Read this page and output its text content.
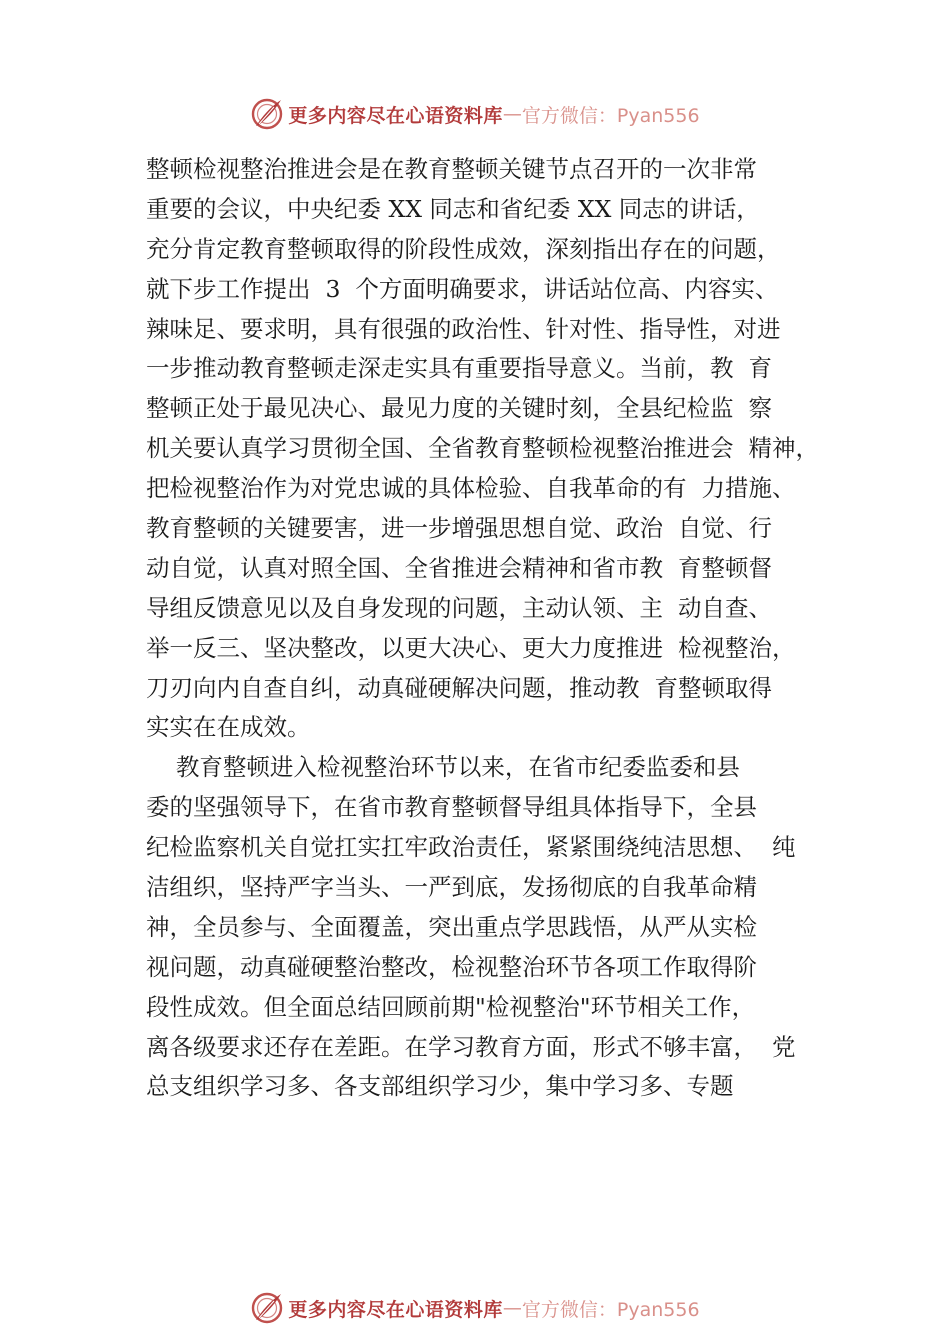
更多内容尽在心语资料库 — 官方微信：Pyan556
整顿检视整治推进会是在教育整顿关键节点召开的一次非常
重要的会议，中央纪委 XX 同志和省纪委 XX 同志的讲话，
充分肯定教育整顿取得的阶段性成效，深刻指出存在的问题，
就下步工作提出  3  个方面明确要求，讲话站位高、内容实、
辣味足、要求明，具有很强的政治性、针对性、指导性，对进
一步推动教育整顿走深走实具有重要指导意义。当前，教  育
整顿正处于最见决心、最见力度的关键时刻，全县纪检监  察
机关要认真学习贯彻全国、全省教育整顿检视整治推进会  精神，
把检视整治作为对党忠诚的具体检验、自我革命的有  力措施、
教育整顿的关键要害，进一步增强思想自觉、政治  自觉、行
动自觉，认真对照全国、全省推进会精神和省市教  育整顿督
导组反馈意见以及自身发现的问题，主动认领、主  动自查、
举一反三、坚决整改，以更大决心、更大力度推进  检视整治，
刀刃向内自查自纠，动真碰硬解决问题，推动教  育整顿取得
实实在在成效。
教育整顿进入检视整治环节以来，在省市纪委监委和县
委的坚强领导下，在省市教育整顿督导组具体指导下，全县
纪检监察机关自觉扛实扛牢政治责任，紧紧围绕纯洁思想、  纯
洁组织，坚持严字当头、一严到底，发扬彻底的自我革命精
神，全员参与、全面覆盖，突出重点学思践悟，从严从实检
视问题，动真碰硬整治整改，检视整治环节各项工作取得阶
段性成效。但全面总结回顾前期"检视整治"环节相关工作，
离各级要求还存在差距。在学习教育方面，形式不够丰富，  党
总支组织学习多、各支部组织学习少，集中学习多、专题
更多内容尽在心语资料库 — 官方微信：Pyan556
